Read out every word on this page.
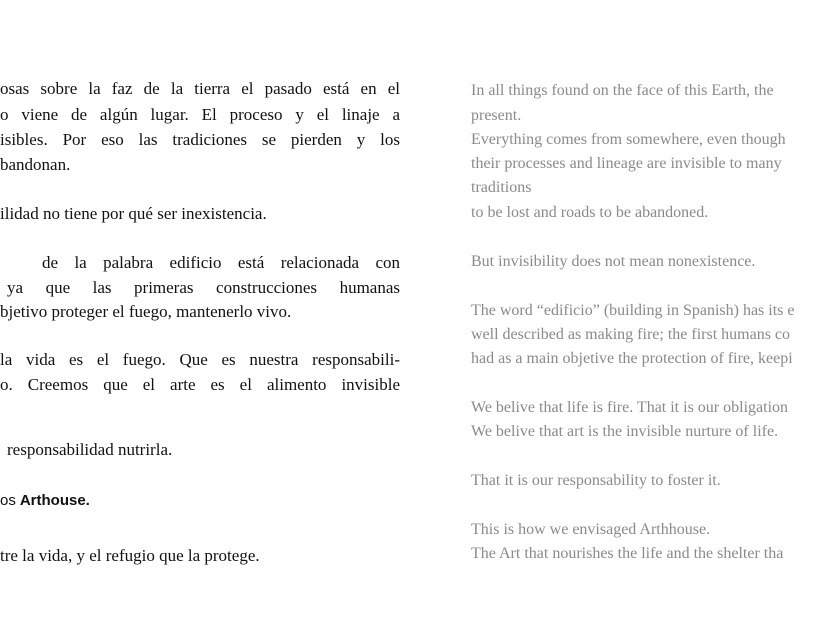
osas sobre la faz de la tierra el pasado está en el

o viene de algún lugar. El proceso y el linaje a

isibles. Por eso las tradiciones se pierden y los

bandonan.

ilidad no tiene por qué ser inexistencia.

de la palabra edificio está relacionada con

ya que las primeras construcciones humanas

bjetivo proteger el fuego, mantenerlo vivo.

la vida es el fuego. Que es nuestra responsabili-

o. Creemos que el arte es el alimento invisible

responsabilidad nutrirla.

os Arthouse.

tre la vida, y el refugio que la protege.

In all things found on the face of this Earth, the

present.

Everything comes from somewhere, even though

their processes and lineage are invisible to many

traditions

to be lost and roads to be abandoned.

But invisibility does not mean nonexistence.

The word “edificio” (building in Spanish) has its e

well described as making fire; the first humans co

had as a main objetive the protection of fire, keepi

We belive that life is fire. That it is our obligation

We belive that art is the invisible nurture of life.

That it is our responsability to foster it.

This is how we envisaged Arthhouse.

The Art that nourishes the life and the shelter tha
